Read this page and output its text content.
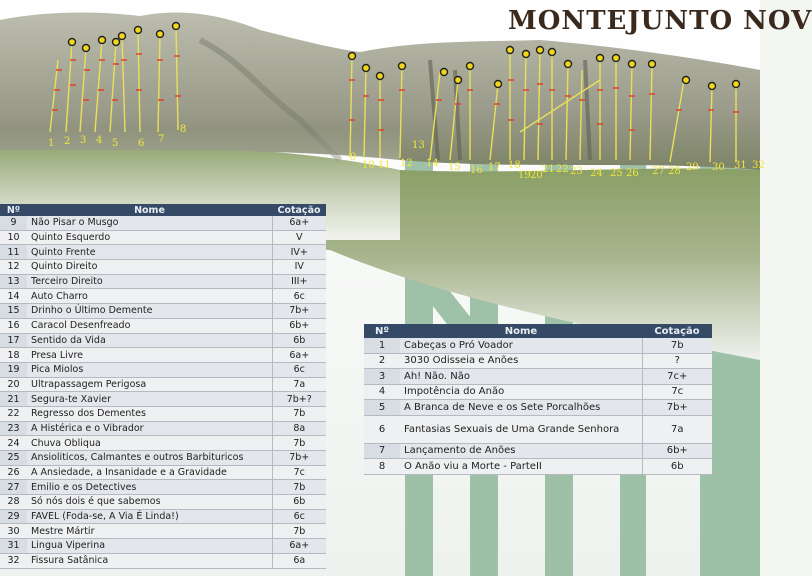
1 2 3 4 5 6 7
8
9
10 11 12
13
14 15 16 17 18
19 20
21 22 23 24 25 26 27 28 29 30 31 32
MONTEJUNTO NOV
Nº	Nome	Cotação
9	Não Pisar o Musgo	6a+
10	Quinto Esquerdo	V
11	Quinto Frente	IV+
12	Quinto Direito	IV
13	Terceiro Direito	III+
14	Auto Charro	6c
15	Drinho o Último Demente	7b+
16	Caracol Desenfreado	6b+
17	Sentido da Vida	6b
18	Presa Livre	6a+
19	Pica Miolos	6c
20	Ultrapassagem Perigosa	7a
21	Segura-te Xavier	7b+?
22	Regresso dos Dementes	7b
23	A Histérica e o Vibrador	8a
24	Chuva Obliqua	7b
25	Ansioliticos, Calmantes e outros Barbituricos	7b+
26	A Ansiedade, a Insanidade e a Gravidade	7c
27	Emilio e os Detectives	7b
28	Só nós dois é que sabemos	6b
29	FAVEL (Foda-se, A Via É Linda!)	6c
30	Mestre Mártir	7b
31	Lingua Viperina	6a+
32	Fissura Satânica	6a
Nº	Nome	Cotação
1	Cabeças o Pró Voador	7b
2	3030 Odisseia e Anões	?
3	Ah! Não. Não	7c+
4	Impotência do Anão	7c
5	A Branca de Neve e os Sete Porcalhões	7b+
6	Fantasias Sexuais de Uma Grande Senhora	7a
7	Lançamento de Anões	6b+
8	O Anão viu a Morte - ParteII	6b
